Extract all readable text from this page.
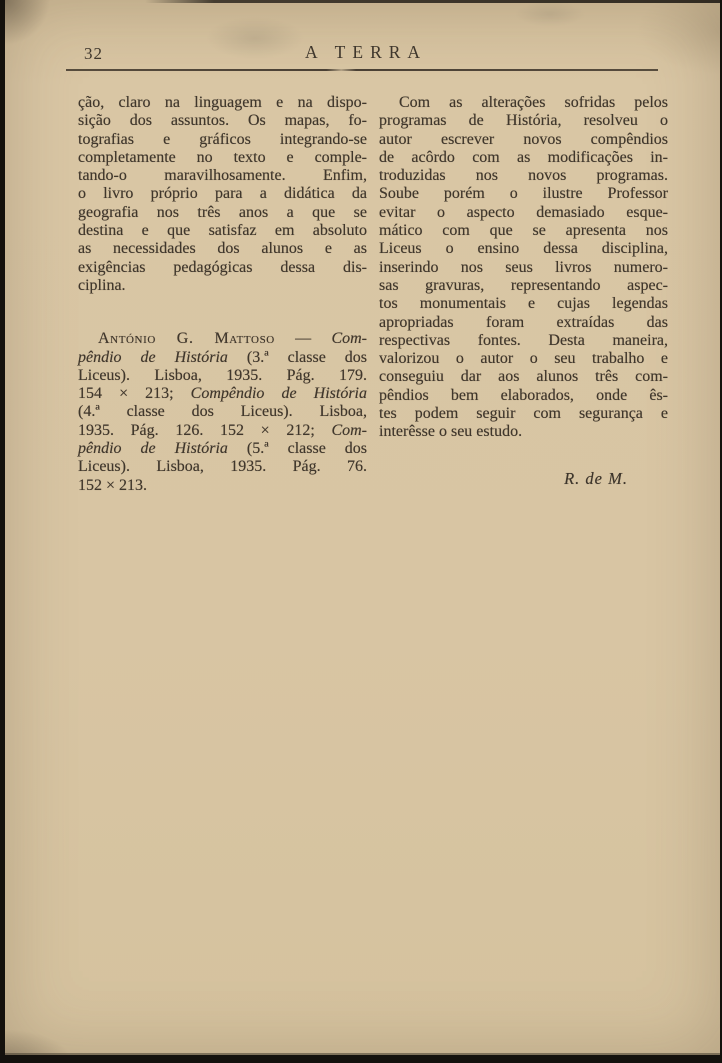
32	A TERRA
ção, claro na linguagem e na dispo-
sição dos assuntos. Os mapas, fo-
tografias e gráficos integrando-se
completamente no texto e comple-
tando-o maravilhosamente. Enfim,
o livro próprio para a didática da
geografia nos três anos a que se
destina e que satisfaz em absoluto
as necessidades dos alunos e as
exigências pedagógicas dessa dis-
ciplina.
António G. Mattoso — Com-
pêndio de História (3.ª classe dos
Liceus). Lisboa, 1935. Pág. 179.
154 × 213; Compêndio de História
(4.ª classe dos Liceus). Lisboa,
1935. Pág. 126. 152 × 212; Com-
pêndio de História (5.ª classe dos
Liceus). Lisboa, 1935. Pág. 76.
152 × 213.
Com as alterações sofridas pelos
programas de História, resolveu o
autor escrever novos compêndios
de acôrdo com as modificações in-
troduzidas nos novos programas.
Soube porém o ilustre Professor
evitar o aspecto demasiado esque-
mático com que se apresenta nos
Liceus o ensino dessa disciplina,
inserindo nos seus livros numero-
sas gravuras, representando aspec-
tos monumentais e cujas legendas
apropriadas foram extraídas das
respectivas fontes. Desta maneira,
valorizou o autor o seu trabalho e
conseguiu dar aos alunos três com-
pêndios bem elaborados, onde ês-
tes podem seguir com segurança e
interêsse o seu estudo.
R. de M.
